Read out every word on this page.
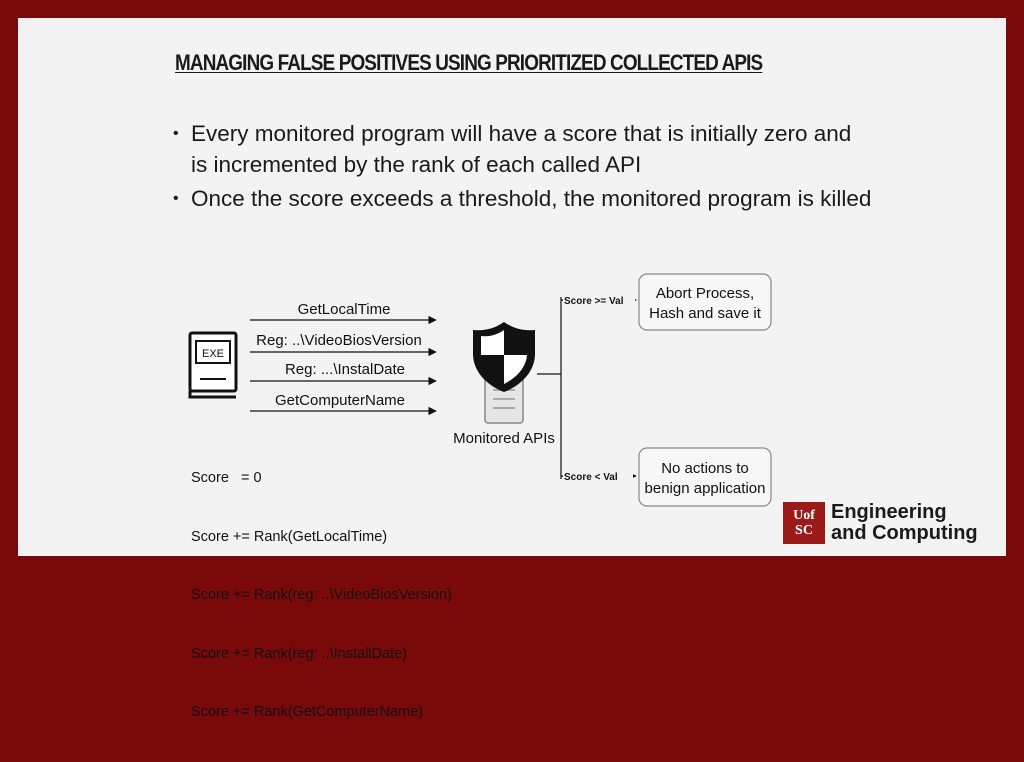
MANAGING FALSE POSITIVES USING PRIORITIZED COLLECTED APIS
• Every monitored program will have a score that is initially zero and is incremented by the rank of each called API
• Once the score exceeds a threshold, the monitored program is killed
EXE
GetLocalTime
Reg: ..\VideoBiosVersion
Reg: ...\InstalDate
GetComputerName
Monitored APIs
Score >= Val
Score < Val
Abort Process,
Hash and save it
No actions to
benign application

Score   = 0

Score += Rank(GetLocalTime)

Score += Rank(reg: ..\VideoBiosVersion)

Score += Rank(reg: ..\InstallDate)

Score += Rank(GetComputerName)

Uof
SC
Engineering
and Computing
